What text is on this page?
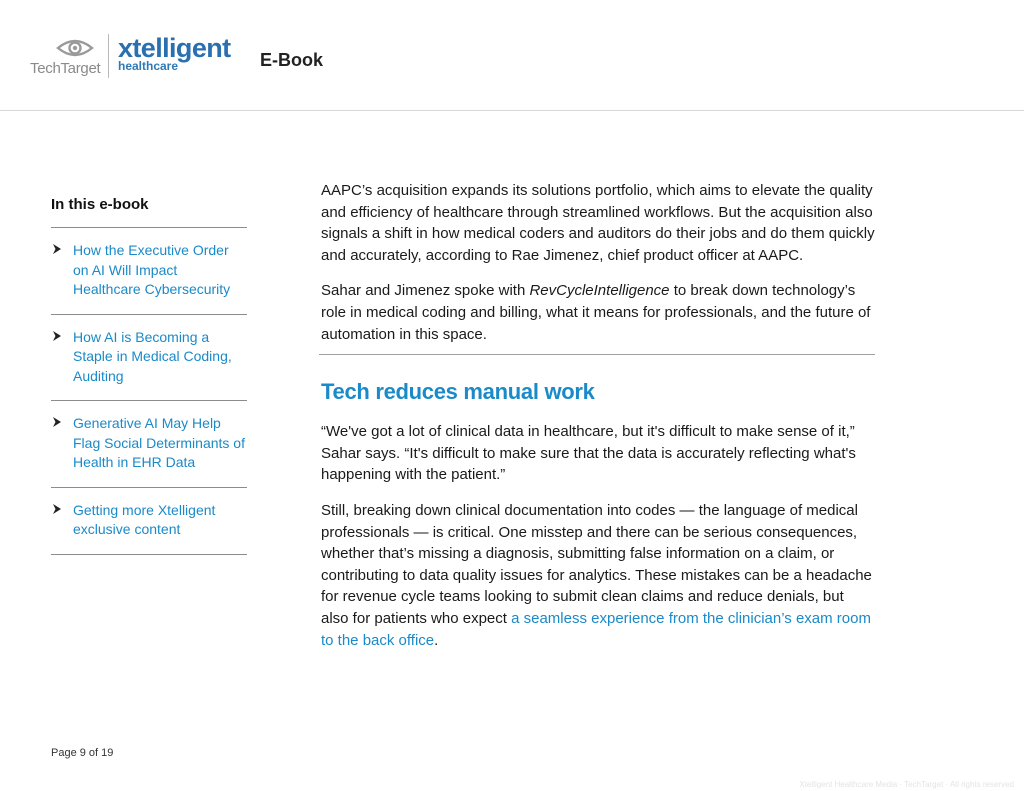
TechTarget
xtelligent
healthcare	E-Book
In this e-book
How the Executive Order on AI Will Impact Healthcare Cybersecurity
How AI is Becoming a Staple in Medical Coding, Auditing
Generative AI May Help Flag Social Determinants of Health in EHR Data
Getting more Xtelligent exclusive content

AAPC’s acquisition expands its solutions portfolio, which aims to elevate the quality and efficiency of healthcare through streamlined workflows. But the acquisition also signals a shift in how medical coders and auditors do their jobs and do them quickly and accurately, according to Rae Jimenez, chief product officer at AAPC.

Sahar and Jimenez spoke with RevCycleIntelligence to break down technology’s role in medical coding and billing, what it means for professionals, and the future of automation in this space.

Tech reduces manual work

“We've got a lot of clinical data in healthcare, but it's difficult to make sense of it,” Sahar says. “It's difficult to make sure that the data is accurately reflecting what's happening with the patient.”

Still, breaking down clinical documentation into codes — the language of medical professionals — is critical. One misstep and there can be serious consequences, whether that’s missing a diagnosis, submitting false information on a claim, or contributing to data quality issues for analytics. These mistakes can be a headache for revenue cycle teams looking to submit clean claims and reduce denials, but also for patients who expect a seamless experience from the clinician’s exam room to the back office.

Page 9 of 19
Xtelligent Healthcare Media · TechTarget · All rights reserved
